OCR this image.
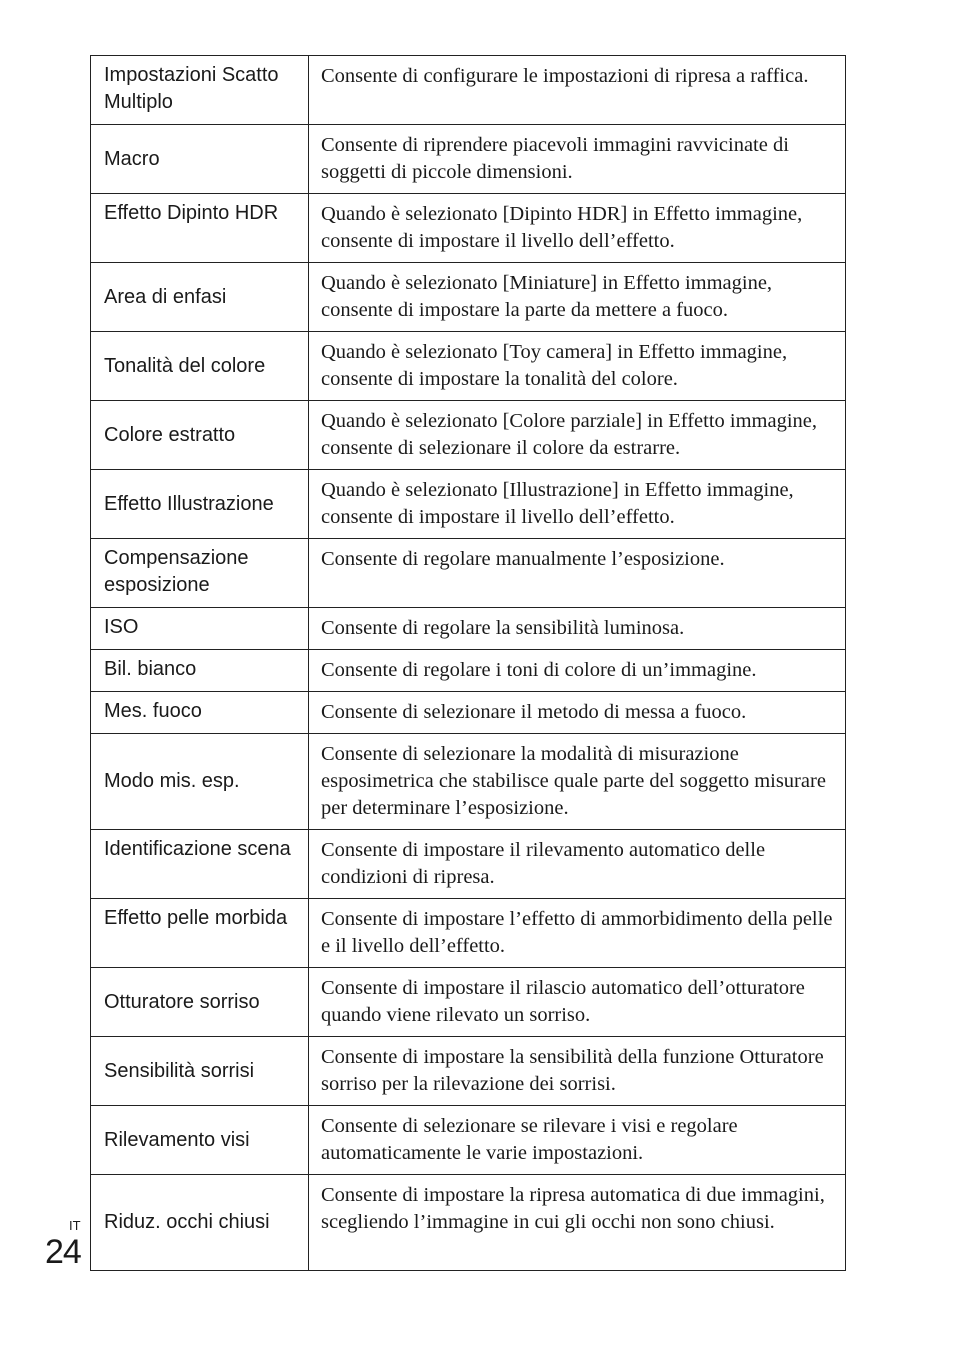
Impostazioni Scatto Multiplo	Consente di configurare le impostazioni di ripresa a raffica.
Macro	Consente di riprendere piacevoli immagini ravvicinate di soggetti di piccole dimensioni.
Effetto Dipinto HDR	Quando è selezionato [Dipinto HDR] in Effetto immagine, consente di impostare il livello dell’effetto.
Area di enfasi	Quando è selezionato [Miniature] in Effetto immagine, consente di impostare la parte da mettere a fuoco.
Tonalità del colore	Quando è selezionato [Toy camera] in Effetto immagine, consente di impostare la tonalità del colore.
Colore estratto	Quando è selezionato [Colore parziale] in Effetto immagine, consente di selezionare il colore da estrarre.
Effetto Illustrazione	Quando è selezionato [Illustrazione] in Effetto immagine, consente di impostare il livello dell’effetto.
Compensazione esposizione	Consente di regolare manualmente l’esposizione.
ISO	Consente di regolare la sensibilità luminosa.
Bil. bianco	Consente di regolare i toni di colore di un’immagine.
Mes. fuoco	Consente di selezionare il metodo di messa a fuoco.
Modo mis. esp.	Consente di selezionare la modalità di misurazione esposimetrica che stabilisce quale parte del soggetto misurare per determinare l’esposizione.
Identificazione scena	Consente di impostare il rilevamento automatico delle condizioni di ripresa.
Effetto pelle morbida	Consente di impostare l’effetto di ammorbidimento della pelle e il livello dell’effetto.
Otturatore sorriso	Consente di impostare il rilascio automatico dell’otturatore quando viene rilevato un sorriso.
Sensibilità sorrisi	Consente di impostare la sensibilità della funzione Otturatore sorriso per la rilevazione dei sorrisi.
Rilevamento visi	Consente di selezionare se rilevare i visi e regolare automaticamente le varie impostazioni.
Riduz. occhi chiusi	Consente di impostare la ripresa automatica di due immagini, scegliendo l’immagine in cui gli occhi non sono chiusi.
IT
24
